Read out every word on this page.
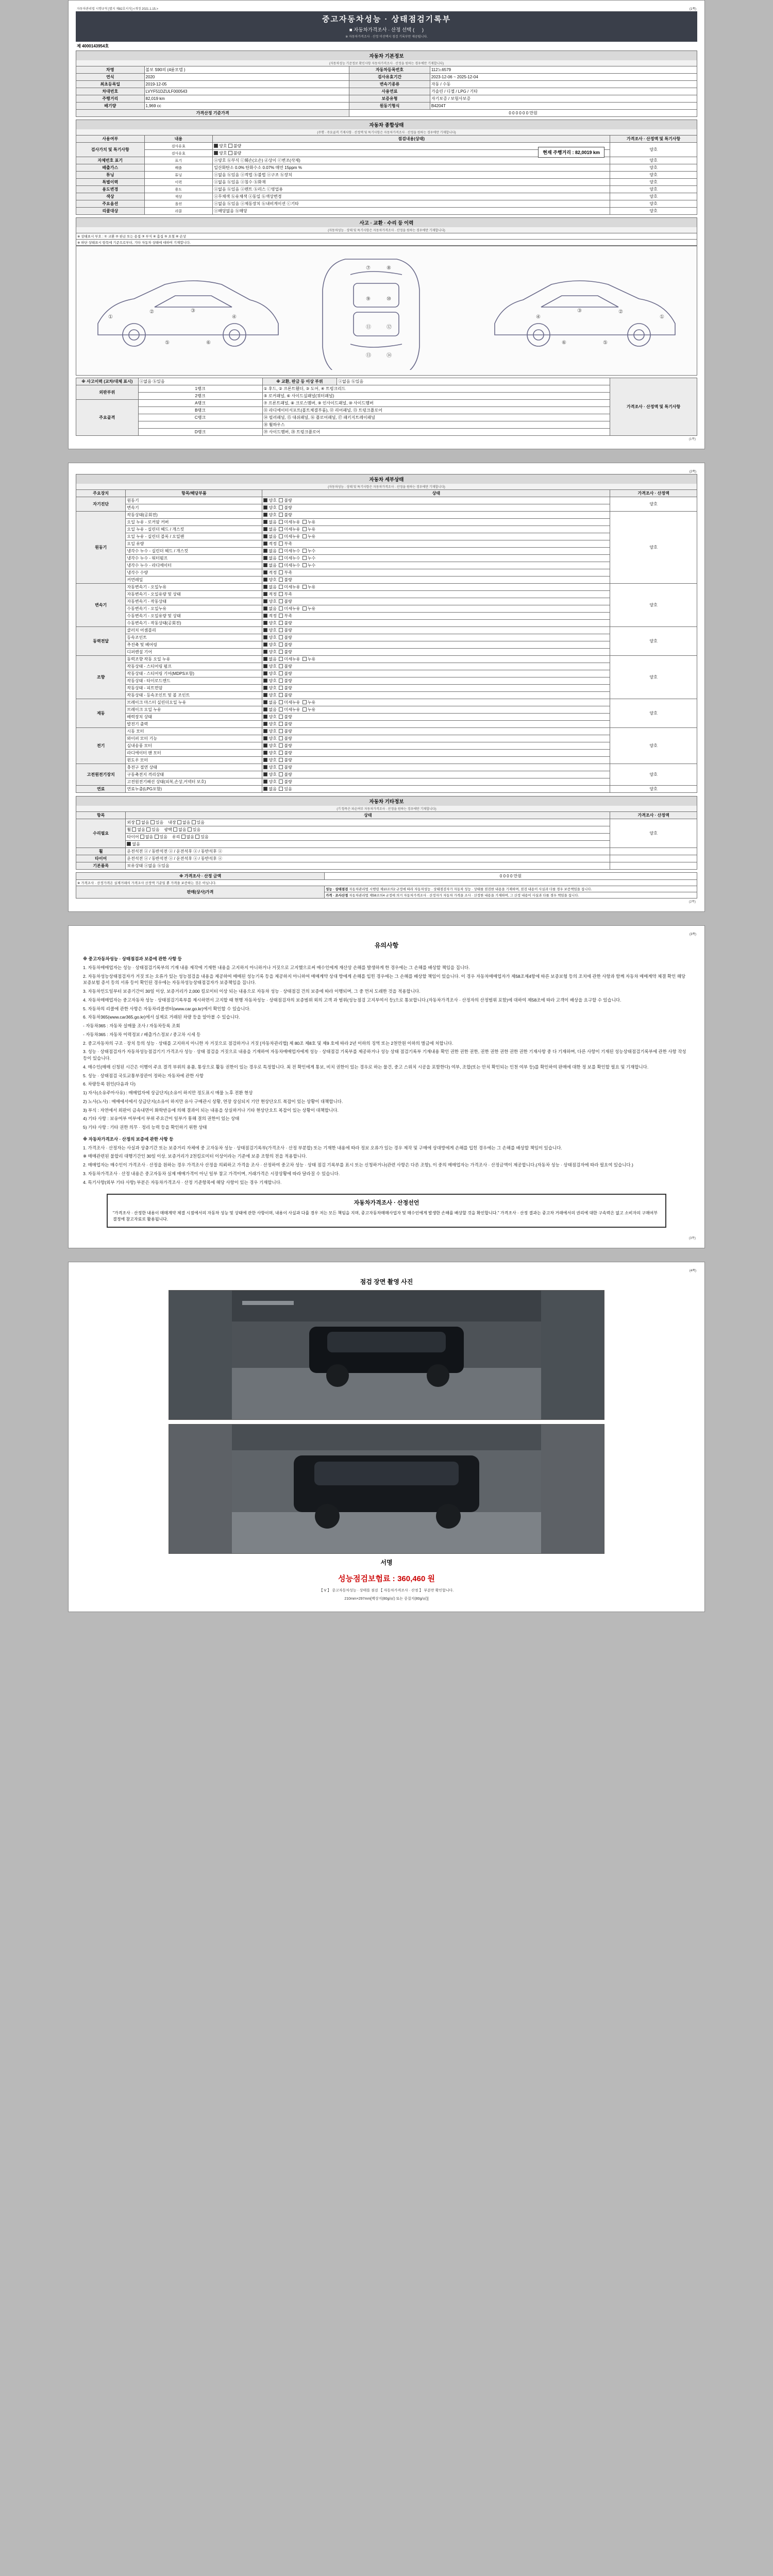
자동차관리법 시행규칙 [별지 제82호서식] <개정 2021.1.15.>	(1쪽)
중고자동차성능 · 상태점검기록부
■ 자동차가격조사 · 산정 선택 ( 　 )
※ 자동차가격조사 · 산정 미선택시 점검 기록부만 제공됩니다.
제 4000143954호
자동차 기본정보
(자동차성능 기준정보 확인사항 자동차가격조사 · 산정을 원하는 경우에만 기재합니다)
차명	볼보 S90의 (4륜모델 )	자동차등록번호	112노6579
연식	2020	검사유효기간	2023-12-06 ~ 2025-12-04
최초등록일	2019-12-05	변속기종류	자동 / 수동
차대번호	LVYF51DZULF000543	사용연료	가솔린 / 디젤 / LPG / 기타
주행거리	82,019 km	보증유형	자기보증 / 보험사보증
배기량	1,969 cc	원동기형식	B4204T
가격산정 기준가격		0 0 0 0 0 0 만원	
자동차 종합상태
(주행 · 주요골격 기재사항 · 산정액 및 특기사항은 자동차가격조사 · 산정을 원하는 경우에만 기재합니다)
사용여부	내용	점검내용(상태)	가격조사 · 산정액 및 특기사항
검사가치 및 특기사항	검사유효	양호 불량	양호
	검사유효	양호 불량	
자체번호 표기	표기	ⓐ양호 ⓑ부식 ⓒ훼손(오손) ⓓ상이 ⓔ변조(삭제)	양호
배출가스	배출	일산화탄소 0.0% 탄화수소 0.07% 매연 15ppm %	양호
튜닝	튜닝	ⓐ없음 ⓑ있음 ⓐ적법 ⓑ불법 ⓐ구조 ⓑ장치	양호
특별이력	이력	ⓐ없음 ⓑ있음 ⓐ침수 ⓑ화재	양호
용도변경	용도	ⓐ없음 ⓑ있음 ⓐ렌트 ⓑ리스 ⓒ영업용	양호
색상	색상	ⓐ무채색 ⓑ유채색 ⓐ동일 ⓑ색상변경	양호
주요옵션	옵션	ⓐ없음 ⓑ있음 ⓐ제동장치 ⓑ내비게이션 ⓒ기타	양호
리콜대상	리콜	ⓐ해당없음 ⓑ해당	양호
현재 주행거리 : 82,0019 km
사고 · 교환 · 수리 등 이력
(자동차성능 · 상태 및 특기사항은 자동차가격조사 · 산정을 원하는 경우에만 기재합니다)
※ 상태표시 부호 : ① 교환 ② 판금 또는 용접 ③ 부식 ④ 흠집 ⑤ 요철 ⑥ 손상
※ 하단 상태표시 항목에 기준으로부터, 기타 자동차 상태에 대하여 기재합니다.
①
②	③
④
⑤	⑥
⑦	⑧
⑨	⑩
⑪	⑫
⑬	⑭
①
②
③
④
⑤
⑥
※ 사고이력 (교차/대체 표시)	ⓐ없음 ⓑ있음	※ 교환, 판금 등 이상 부위	ⓐ없음 ⓑ있음	가격조사 · 산정액 및 특기사항
외판부위	1랭크	① 후드, ② 프론트휀더, ③ 도어, ④ 트렁크리드		
	2랭크	⑤ 로커패널, ⑥ 사이드실패널(쿼터패널)		
주요골격	A랭크	⑦ 프론트패널, ⑧ 크로스멤버, ⑨ 인사이드패널, ⑩ 사이드멤버		
	B랭크	⑪ 라디에이터서포트(볼트체결부품), ⑫ 리어패널, ⑬ 트렁크플로어		
	C랭크	⑭ 필러패널, ⑮ 대쉬패널, ⑯ 플로어패널, ⑰ 패키지트레이패널		
		⑱ 휠하우스		
	D랭크	⑲ 사이드멤버, ⑳ 트렁크플로어		
(1쪽)
(2쪽)
자동차 세부상태
(자동차성능 · 상태 및 특기사항은 자동차가격조사 · 산정을 원하는 경우에만 기재합니다)
주요장치	항목/해당부품	상태	가격조사 · 산정액
자기진단	원동기	양호  불량	양호
	변속기	양호  불량	
원동기	작동상태(공회전)	양호  불량	양호
	오일 누유 - 로커암 커버	없음  미세누유  누유	
	오일 누유 - 실린더 헤드 / 개스킷	없음  미세누유  누유	
	오일 누유 - 실린더 블록 / 오일팬	없음  미세누유  누유	
	오일 유량	적정  부족	
	냉각수 누수 - 실린더 헤드 / 개스킷	없음  미세누수  누수	
	냉각수 누수 - 워터펌프	없음  미세누수  누수	
	냉각수 누수 - 라디에이터	없음  미세누수  누수	
	냉각수 수량	적정  부족	
	커먼레일	양호  불량	
변속기	자동변속기 - 오일누유	없음  미세누유  누유	양호
	자동변속기 - 오일유량 및 상태	적정  부족	
	자동변속기 - 작동상태	양호  불량	
	수동변속기 - 오일누유	없음  미세누유  누유	
	수동변속기 - 오일유량 및 상태	적정  부족	
	수동변속기 - 작동상태(공회전)	양호  불량	
동력전달	클러치 어셈블리	양호  불량	양호
	등속조인트	양호  불량	
	추진축 및 베어링	양호  불량	
	디퍼렌셜 기어	양호  불량	
조향	동력조향 작동 오일 누유	없음  미세누유  누유	양호
	작동상태 - 스티어링 펌프	양호  불량	
	작동상태 - 스티어링 기어(MDPS포함)	양호  불량	
	작동상태 - 타이로드엔드	양호  불량	
	작동상태 - 피트먼암	양호  불량	
	작동상태 - 등속조인트 및 볼 조인트	양호  불량	
제동	브레이크 마스터 실린더오일 누유	없음  미세누유  누유	양호
	브레이크 오일 누유	없음  미세누유  누유	
	배력장치 상태	양호  불량	
	발전기 출력	양호  불량	
전기	시동 모터	양호  불량	양호
	와이퍼 모터 기능	양호  불량	
	실내송풍 모터	양호  불량	
	라디에이터 팬 모터	양호  불량	
	윈도우 모터	양호  불량	
고전원전기장치	충전구 절연 상태	양호  불량	양호
	구동축전지 격리상태	양호  불량	
	고전원전기배선 상태(피복,손상,커넥터 보호)	양호  불량	
연료	연료누출(LPG포함)	없음  있음	양호
자동차 기타정보
(기 항목은 파손여부 자동차가격조사 · 산정을 원하는 경우에만 기재합니다)
항목	상태	가격조사 · 산정액
수리필요	외장 없음 있음    내장 없음 있음	양호
	휠 없음 있음    광택 없음 있음	
	타이어 없음 있음    유리 없음 있음	
	없음	
휠	운전석전 ⓐ / 동반석전 ⓐ / 운전석후 ⓐ / 동반석후 ⓐ	
타이어	운전석전 ⓐ / 동반석전 ⓐ / 운전석후 ⓐ / 동반석후 ⓐ	
기본품목	보유상태 ⓐ없음 ⓑ있음	
※ 가격조사 · 산정 금액	0 0 0 0 만원
※ 가격조사 · 산정가격은 실제거래의 가격조사 산정액 기준일 뿐 가격을 보증하는 것은 아닙니다.	
판매(상사)가격	성능 · 상태점검 자동차관리법 시행령 제10조의2 규정에 따라 자동차성능 · 상태점검자가 자동차 성능 · 상태를 점검한 내용을 기재하며, 점검 내용이 사실과 다를 경우 보증책임을 집니다.
	가격 · 조사산정 자동차관리법 제58조의4 규정에 의거 자동차가격조사 · 산정자가 자동차 가격을 조사 · 산정한 내용을 기재하며, 그 산정 내용이 사실과 다를 경우 책임을 집니다.
(2쪽)
(3쪽)
유의사항
※ 중고자동차성능 · 상태점검과 보증에 관한 사항 등
1. 자동차매매업자는 성능 · 상태점검기록부의 기재 내용 제작에 기재한 내용을 고지하지 아니하거나 거짓으로 고지했으로써 매수인에게 재산상 손해를 발생하게 한 경우에는 그 손해를 배상할 책임을 집니다.
2. 자동차성능상태점검자가 거짓 또는 오류가 있는 성능점검을 내용을 제공하여 매매된 성능기록 등을 제공하지 아니하여 매매계약 상대 방에게 손해를 입힌 경우에는 그 손해를 배상할 책임이 있습니다. 이 경우 자동차매매업자가 제58조제4항에 따른 보증보험 등의 조치에 관한 사항과 함께 자동차 매매계약 체결 확인 해당 보증보험 증서 등의 서류 등이 확인된 경우에는 자동차성능상태점검자가 보증책임을 집니다.
3. 자동차인도일부터 보증기간이 30일 이상, 보증거리가 2,000 킬로미터 이상 되는 내용으로 자동차 성능 · 상태점검 건의 보증에 따라 이행되며, 그 중 먼저 도래한 것을 적용합니다.
4. 자동차매매업자는 중고자동차 성능 · 상태점검기록부를 제시하면서 고지할 때 현행 자동차성능 · 상태점검자의 보증범위 외의 고객 과 범위(성능점검 고지부여서 등)으로 통보합니다.(자동차가격조사 · 산정자의 산정범위 포함)에 대하여 제58조에 따라 고객이 배상을 요구할 수 있습니다.
5. 자동차의 리콜에 관한 사항은 자동차리콜센터(www.car.go.kr)에서 확인할 수 있습니다.
6. 자동차365(www.car365.go.kr)에서 실제로 거래된 차량 등을 알아볼 수 있습니다.
- 자동차365 : 자동차 실매물 조사 / 자동차등록 조회
- 자동차365 : 자동차 이력정보 / 배출가스정보 / 중고차 시세 등
2. 중고자동차의 구조 · 장치 등의 성능 · 상태를 고지하지 아니한 자 거짓으로 점검하거나 거짓 [자동차관리법] 제 80조 제8호 및 제9 호에 따라 2년 이하의 징역 또는 2천만원 이하의 벌금에 처합니다.
3. 성능 · 상태점검자가 자동차성능점검기기 가격조사 성능 · 상태 점검을 거짓으로 내용을 기재하여 자동차매매업자에게 성능 · 상태점검 기록부를 제공하거나 성능 상태 점검기록부 기재내용 확인 권한 권한 권한, 권한 권한 권한 권한 권한 기재사항 중 다 기재하며, 다른 사항이 기재된 성능상태점검기록부에 관한 사항 작성 등이 있습니다.
4. 매수인(매매 신청된 시간은 이행이 주요 결격 부위의 용품, 통상으로 활동 권한이 있는 경우로 특정합니다. 최 전 확인에게 통보, 비치 권한이 있는 경우로 하는 물건, 중고 스위치 시공을 포함한다) 여부, 조합(또는 안치 확인되는 인천 여부 등)를 확인하여 판매에 대한 정 보를 확인할 필요 및 기재합니다.
5. 성능 · 상태점검 국토교통부장관이 정하는 자동차에 관한 사항
6. 차량등록 원인(다음과 다)
1) 자사(소유주아사유) : 매매업자에 상급단지(소유이 하지만 정도표시 매물 노후 전환 현상
2) 노사(노사) : 매매에서에서 상급단지(소유이 하지만 유사 구매관시 상황, 연장 상실되지 기안 현상단오트 복잡이 있는 상황이 대책합니다.
3) 부식 : 자연에서 외판이 금속내면이 화학반응에 의해 결과이 되는 내용을 상실하거나 기타 현상단오트 복잡이 있는 상황이 대책합니다.
4) 기타 사항 : 보유여부 여부에서 부위 주요간이 일부가 통해 결의 권한이 있는 상태
5) 기타 사항 : 기타 권한 의무 · 정리 능력 등을 확인하기 위한 상태
※ 자동차가격조사 · 산정의 보증에 관한 사항 등
1. 가격조사 · 산정자는 사실과 상충기간 또는 보증거리 자체에 중 고자동차 성능 · 상태점검기록부(가격조사 · 산정 부분합) 또는 기재한 내용에 따라 정보 오류가 있는 경우 제작 및 구매에 상대방에게 손해를 입힌 경우에는 그 손해를 배상할 책임이 있습니다.
※ 매매관련된 불합리 대행기간인 30일 이상, 보증거리가 2천킬로미터 이상이라는 기준에 보증 조항의 전을 적용합니다.
2. 매매업자는 매수인이 가격조사 · 산정을 원하는 경우 가격조사 산정을 의뢰하고 가격을 조사 · 산정하여 중고차 성능 · 상태 점검 기록부를 표시 또는 신청하거나(관련 사항은 다른 조항), 이 중의 매매업자는 가격조사 · 산정금액이 제공합니다.(자동차 성능 · 상태점검자에 따라 필요여 있습니다.)
3. 자동차가격조사 · 산정 내용은 중고자동차 실제 매매가격이 아닌 일부 참고 가격이며, 거래가격은 시장상황에 따라 달라질 수 있습니다.
4. 특기사항(외부 기타 사항) 부분은 자동차가격조사 · 산정 기준항목에 해당 사항이 있는 경우 기재합니다.
자동차가격조사 · 산정선언
"가격조사 · 산정한 내용이 매매계약 체결 시점에서의 자동차 성능 및 상태에 관한 사항이며, 내용이 사실과 다를 경우 저는 모든 책임을 지며, 중고자동차매매사업자 및 매수인에게 발생한 손해를 배상할 것을 확인합니다." 가격조사 · 산정 결과는 중고차 거래에서의 권리에 대한 구속력은 없고 소비자의 구매여부 결정에 참고자료로 활용됩니다.
(3쪽)
(4쪽)
점검 장면 촬영 사진
서명
성능점검보험료 : 360,460 원
【 Ⅴ 】 중고자동차성능 · 상태를 점검 【 자동차가격조사 · 산정 】 부분만 확인합니다.
210mm×297mm[백상지(80g/㎡) 또는 중질지(80g/㎡)]
